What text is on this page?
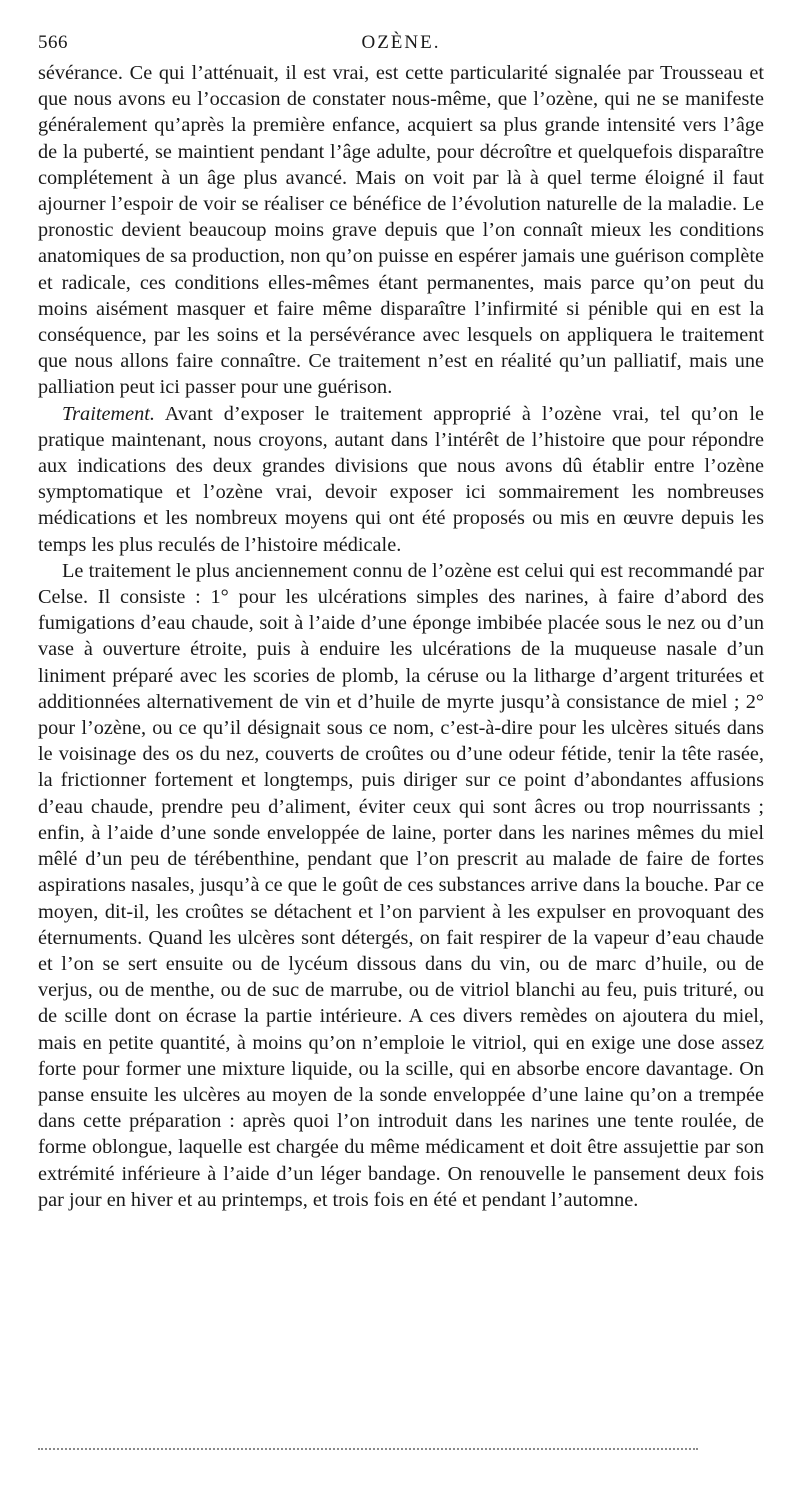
566	OZÈNE.

sévérance. Ce qui l’atténuait, il est vrai, est cette particularité signalée par Trousseau et que nous avons eu l’occasion de constater nous-même, que l’ozène, qui ne se manifeste généralement qu’après la première enfance, acquiert sa plus grande intensité vers l’âge de la puberté, se maintient pendant l’âge adulte, pour décroître et quelquefois disparaître complétement à un âge plus avancé. Mais on voit par là à quel terme éloigné il faut ajourner l’espoir de voir se réaliser ce bénéfice de l’évolution naturelle de la maladie. Le pronostic devient beaucoup moins grave depuis que l’on connaît mieux les conditions anatomiques de sa production, non qu’on puisse en espérer jamais une guérison complète et radicale, ces conditions elles-mêmes étant permanentes, mais parce qu’on peut du moins aisément masquer et faire même disparaître l’infirmité si pénible qui en est la conséquence, par les soins et la persévérance avec lesquels on appliquera le traitement que nous allons faire connaître. Ce traitement n’est en réalité qu’un palliatif, mais une palliation peut ici passer pour une guérison.

Traitement. Avant d’exposer le traitement approprié à l’ozène vrai, tel qu’on le pratique maintenant, nous croyons, autant dans l’intérêt de l’histoire que pour répondre aux indications des deux grandes divisions que nous avons dû établir entre l’ozène symptomatique et l’ozène vrai, devoir exposer ici sommairement les nombreuses médications et les nombreux moyens qui ont été proposés ou mis en œuvre depuis les temps les plus reculés de l’histoire médicale.

Le traitement le plus anciennement connu de l’ozène est celui qui est recommandé par Celse. Il consiste : 1° pour les ulcérations simples des narines, à faire d’abord des fumigations d’eau chaude, soit à l’aide d’une éponge imbibée placée sous le nez ou d’un vase à ouverture étroite, puis à enduire les ulcérations de la muqueuse nasale d’un liniment préparé avec les scories de plomb, la céruse ou la litharge d’argent triturées et additionnées alternativement de vin et d’huile de myrte jusqu’à consistance de miel ; 2° pour l’ozène, ou ce qu’il désignait sous ce nom, c’est-à-dire pour les ulcères situés dans le voisinage des os du nez, couverts de croûtes ou d’une odeur fétide, tenir la tête rasée, la frictionner fortement et longtemps, puis diriger sur ce point d’abondantes affusions d’eau chaude, prendre peu d’aliment, éviter ceux qui sont âcres ou trop nourrissants ; enfin, à l’aide d’une sonde enveloppée de laine, porter dans les narines mêmes du miel mêlé d’un peu de térébenthine, pendant que l’on prescrit au malade de faire de fortes aspirations nasales, jusqu’à ce que le goût de ces substances arrive dans la bouche. Par ce moyen, dit-il, les croûtes se détachent et l’on parvient à les expulser en provoquant des éternuments. Quand les ulcères sont détergés, on fait respirer de la vapeur d’eau chaude et l’on se sert ensuite ou de lycéum dissous dans du vin, ou de marc d’huile, ou de verjus, ou de menthe, ou de suc de marrube, ou de vitriol blanchi au feu, puis trituré, ou de scille dont on écrase la partie intérieure. A ces divers remèdes on ajoutera du miel, mais en petite quantité, à moins qu’on n’emploie le vitriol, qui en exige une dose assez forte pour former une mixture liquide, ou la scille, qui en absorbe encore davantage. On panse ensuite les ulcères au moyen de la sonde enveloppée d’une laine qu’on a trempée dans cette préparation : après quoi l’on introduit dans les narines une tente roulée, de forme oblongue, laquelle est chargée du même médicament et doit être assujettie par son extrémité inférieure à l’aide d’un léger bandage. On renouvelle le pansement deux fois par jour en hiver et au printemps, et trois fois en été et pendant l’automne.
